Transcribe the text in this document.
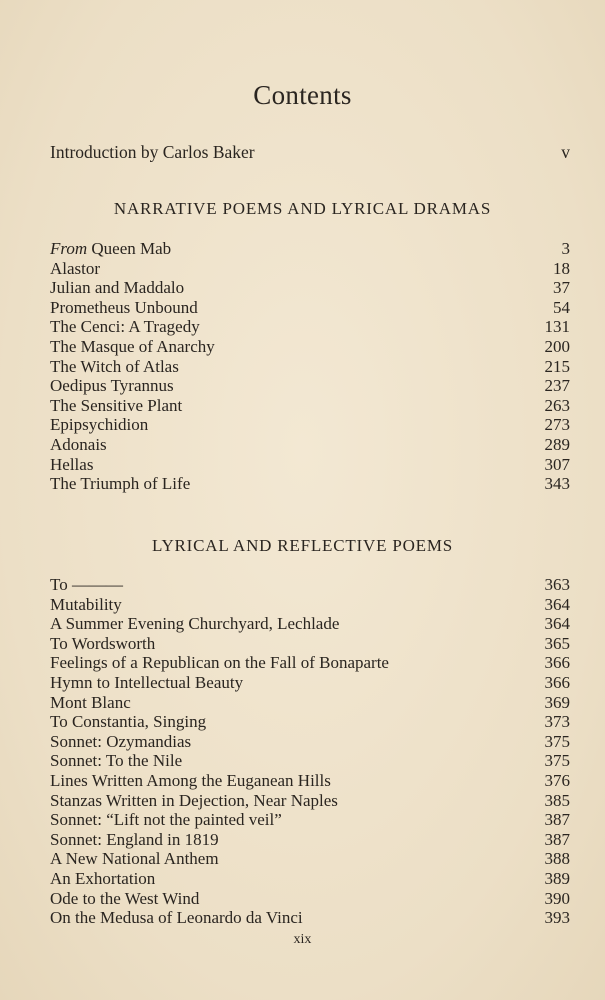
Contents
Introduction by Carlos Baker	v
NARRATIVE POEMS AND LYRICAL DRAMAS
From Queen Mab	3
Alastor	18
Julian and Maddalo	37
Prometheus Unbound	54
The Cenci: A Tragedy	131
The Masque of Anarchy	200
The Witch of Atlas	215
Oedipus Tyrannus	237
The Sensitive Plant	263
Epipsychidion	273
Adonais	289
Hellas	307
The Triumph of Life	343
LYRICAL AND REFLECTIVE POEMS
To ———	363
Mutability	364
A Summer Evening Churchyard, Lechlade	364
To Wordsworth	365
Feelings of a Republican on the Fall of Bonaparte	366
Hymn to Intellectual Beauty	366
Mont Blanc	369
To Constantia, Singing	373
Sonnet: Ozymandias	375
Sonnet: To the Nile	375
Lines Written Among the Euganean Hills	376
Stanzas Written in Dejection, Near Naples	385
Sonnet: “Lift not the painted veil”	387
Sonnet: England in 1819	387
A New National Anthem	388
An Exhortation	389
Ode to the West Wind	390
On the Medusa of Leonardo da Vinci	393
xix
